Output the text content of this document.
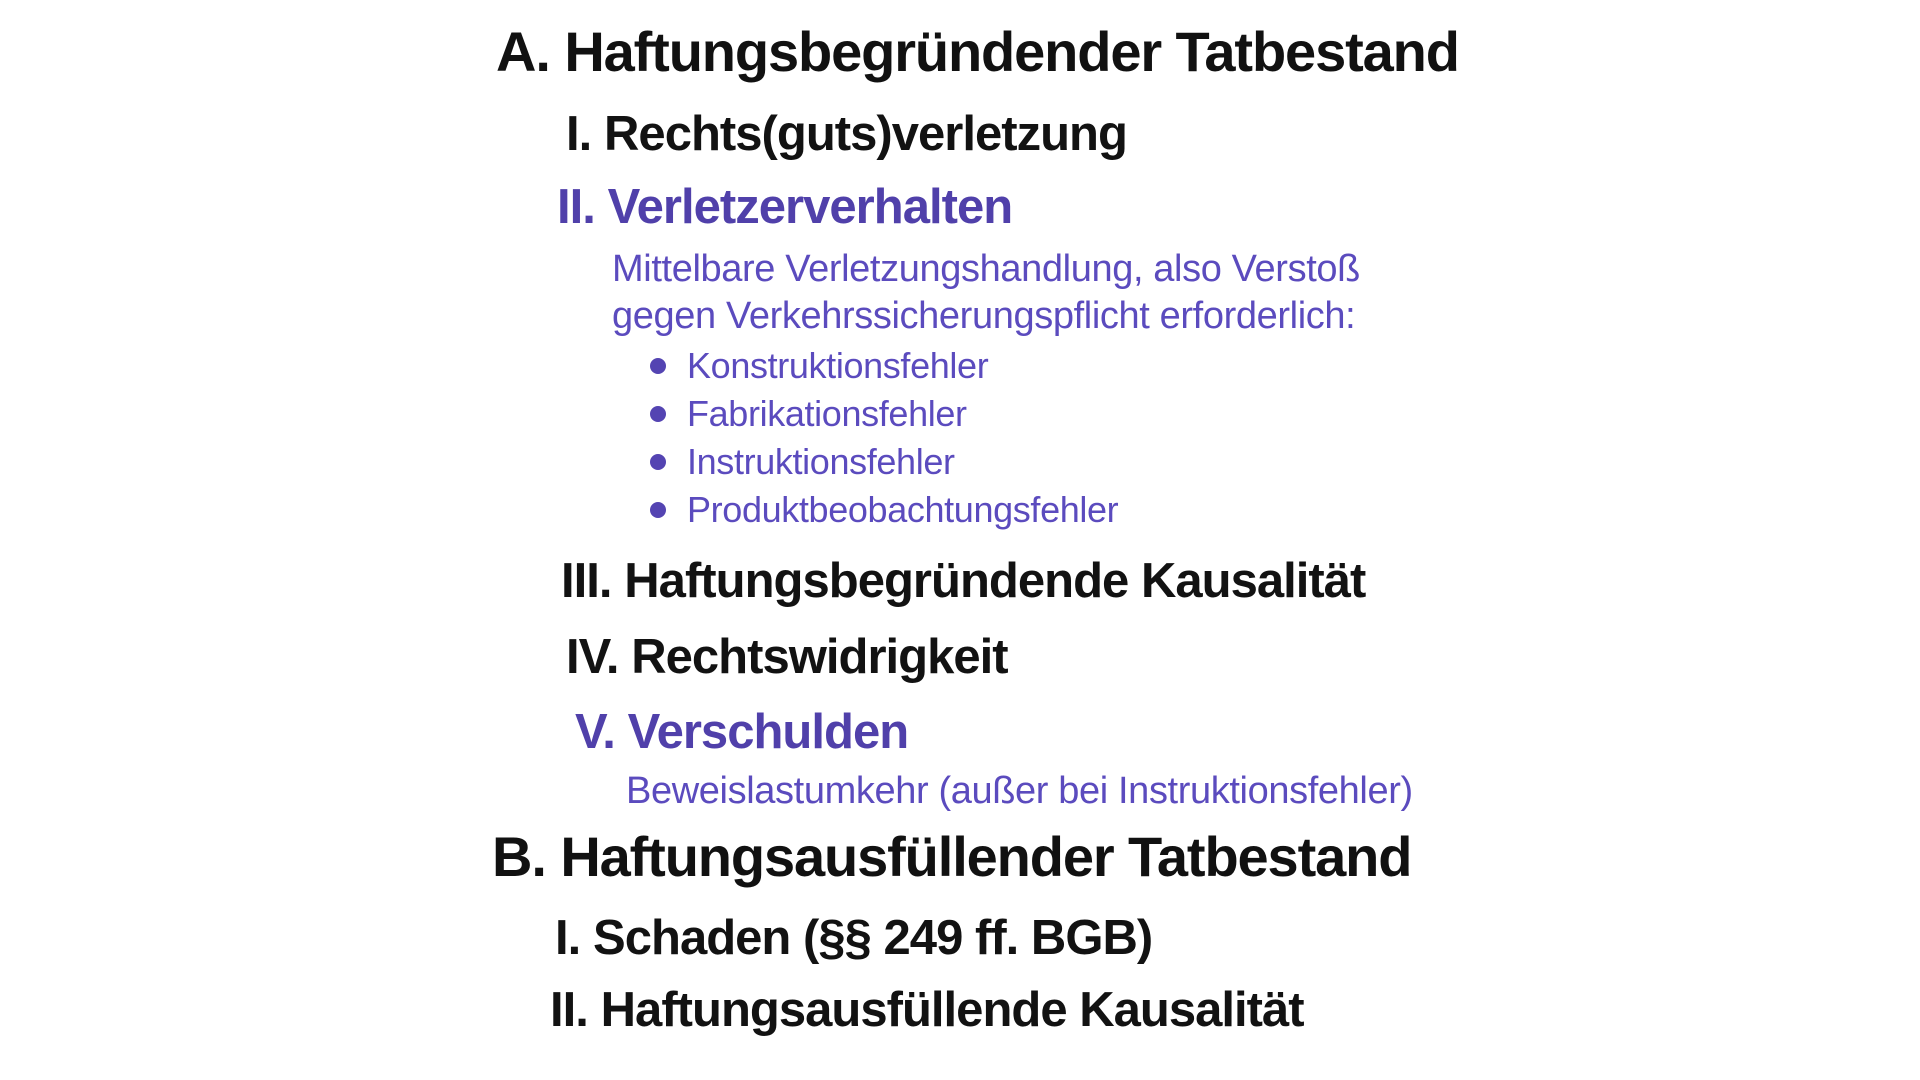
A. Haftungsbegründender Tatbestand
I. Rechts(guts)verletzung
II. Verletzerverhalten
Mittelbare Verletzungshandlung, also Verstoß
gegen Verkehrssicherungspflicht erforderlich:
Konstruktionsfehler
Fabrikationsfehler
Instruktionsfehler
Produktbeobachtungsfehler
III. Haftungsbegründende Kausalität
IV. Rechtswidrigkeit
V. Verschulden
Beweislastumkehr (außer bei Instruktionsfehler)
B. Haftungsausfüllender Tatbestand
I. Schaden (§§ 249 ff. BGB)
II. Haftungsausfüllende Kausalität
